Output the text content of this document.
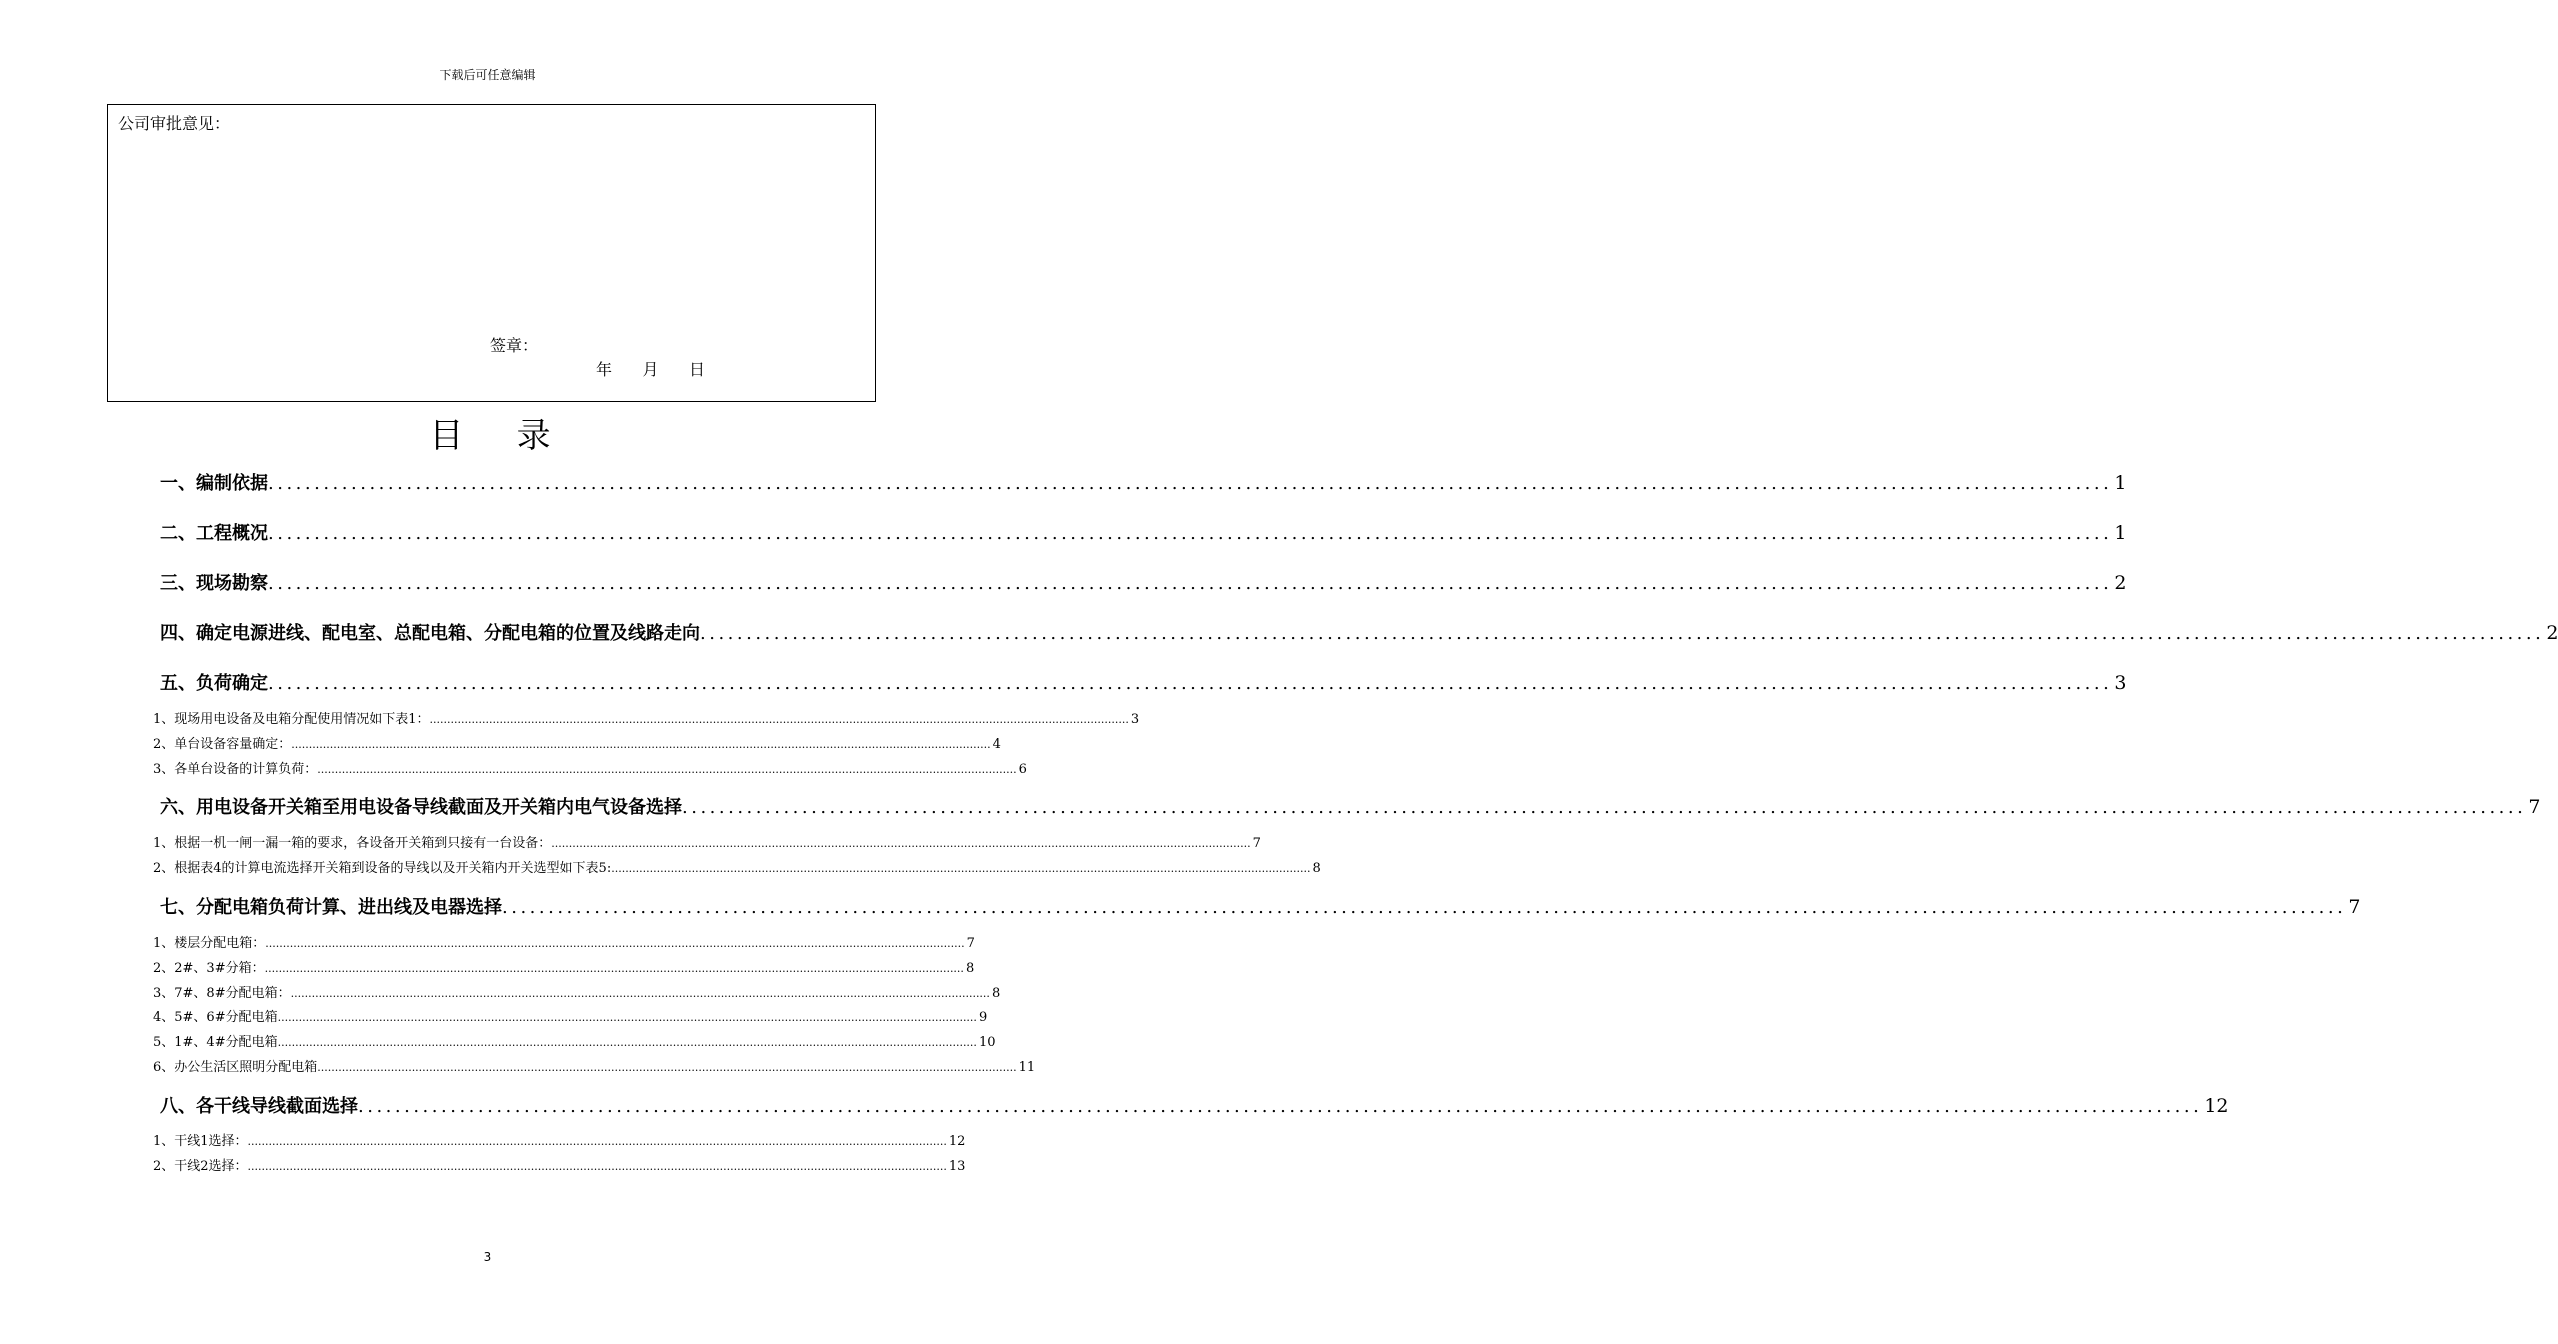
下载后可任意编辑
公司审批意见：
签章：
年      月      日
目    录
一、编制依据 ........................................................................................................................................................................................................ 1
二、工程概况 ........................................................................................................................................................................................................ 1
三、现场勘察 ........................................................................................................................................................................................................ 2
四、确定电源进线、配电室、总配电箱、分配电箱的位置及线路走向 ........................................................................................................................................................................................................ 2
五、负荷确定 ........................................................................................................................................................................................................ 3
1、现场用电设备及电箱分配使用情况如下表1： ........................................................................................................................................................................................................ 3
2、单台设备容量确定： ........................................................................................................................................................................................................ 4
3、各单台设备的计算负荷： ........................................................................................................................................................................................................ 6
六、用电设备开关箱至用电设备导线截面及开关箱内电气设备选择 ........................................................................................................................................................................................................ 7
1、根据一机一闸一漏一箱的要求，各设备开关箱到只接有一台设备： ........................................................................................................................................................................................................ 7
2、根据表4的计算电流选择开关箱到设备的导线以及开关箱内开关选型如下表5: ........................................................................................................................................................................................................ 8
七、分配电箱负荷计算、进出线及电器选择 ........................................................................................................................................................................................................ 7
1、楼层分配电箱： ........................................................................................................................................................................................................ 7
2、2#、3#分箱： ........................................................................................................................................................................................................ 8
3、7#、8#分配电箱： ........................................................................................................................................................................................................ 8
4、5#、6#分配电箱 ........................................................................................................................................................................................................ 9
5、1#、4#分配电箱 ........................................................................................................................................................................................................ 10
6、办公生活区照明分配电箱 ........................................................................................................................................................................................................ 11
八、各干线导线截面选择 ........................................................................................................................................................................................................ 12
1、干线1选择： ........................................................................................................................................................................................................ 12
2、干线2选择： ........................................................................................................................................................................................................ 13
3
